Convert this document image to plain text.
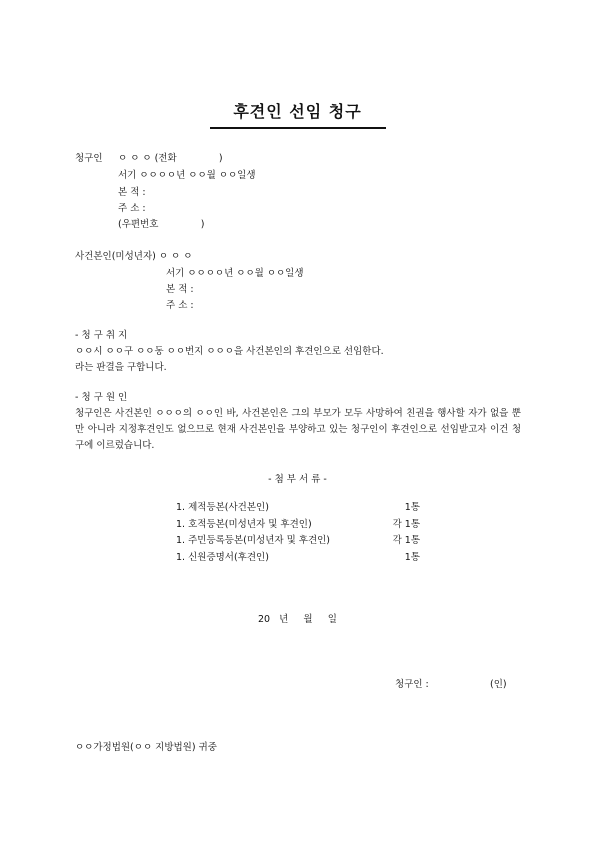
후견인 선임 청구
청구인 ㅇ ㅇ ㅇ (전화              )
서기 ㅇㅇㅇㅇ년 ㅇㅇ월 ㅇㅇ일생
본 적 :
주 소 :
(우편번호              )
사건본인(미성년자) ㅇ ㅇ ㅇ
서기 ㅇㅇㅇㅇ년 ㅇㅇ월 ㅇㅇ일생
본 적 :
주 소 :
- 청 구 취 지
ㅇㅇ시 ㅇㅇ구 ㅇㅇ동 ㅇㅇ번지 ㅇㅇㅇ을 사건본인의 후견인으로 선임한다.
라는 판결을 구합니다.
- 청 구 원 인
청구인은 사건본인 ㅇㅇㅇ의 ㅇㅇ인 바, 사건본인은 그의 부모가 모두 사망하여 친권을 행사할 자가 없을 뿐만 아니라 지정후견인도 없으므로 현재 사건본인을 부양하고 있는 청구인이 후견인으로 선임받고자 이건 청구에 이르렀습니다.
- 첨 부 서 류 -
1. 제적등본(사건본인)	1통
1. 호적등본(미성년자 및 후견인)	각 1통
1. 주민등록등본(미성년자 및 후견인)	각 1통
1. 신원증명서(후견인)	1통
20   년     월     일
청구인 :	(인)
ㅇㅇ가정법원(ㅇㅇ 지방법원) 귀중
